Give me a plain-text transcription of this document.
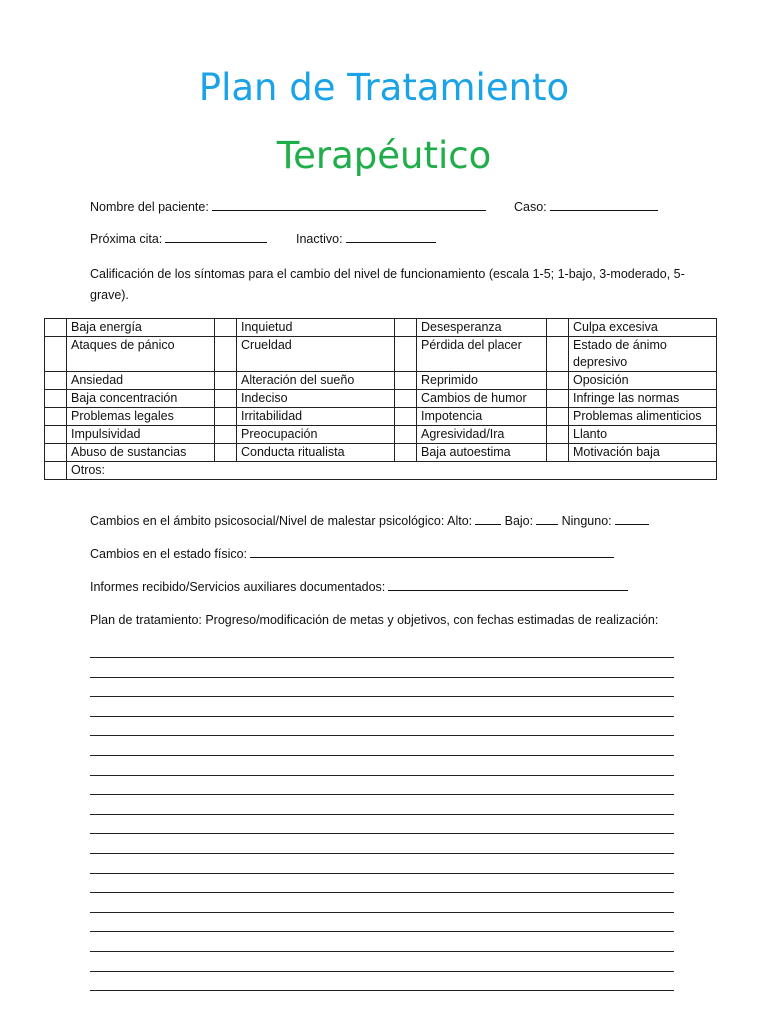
Plan de Tratamiento
Terapéutico
Nombre del paciente:	Caso:
Próxima cita:	Inactivo:

Calificación de los síntomas para el cambio del nivel de funcionamiento (escala 1-5; 1-bajo, 3-moderado, 5-grave).

	Baja energía		Inquietud		Desesperanza		Culpa excesiva
	Ataques de pánico		Crueldad		Pérdida del placer		Estado de ánimo depresivo
	Ansiedad		Alteración del sueño		Reprimido		Oposición
	Baja concentración		Indeciso		Cambios de humor		Infringe las normas
	Problemas legales		Irritabilidad		Impotencia		Problemas alimenticios
	Impulsividad		Preocupación		Agresividad/Ira		Llanto
	Abuso de sustancias		Conducta ritualista		Baja autoestima		Motivación baja
	Otros:						
Cambios en el ámbito psicosocial/Nivel de malestar psicológico: Alto:	Bajo: Ninguno:
Cambios en el estado físico:
Informes recibido/Servicios auxiliares documentados:
Plan de tratamiento: Progreso/modificación de metas y objetivos, con fechas estimadas de realización:
